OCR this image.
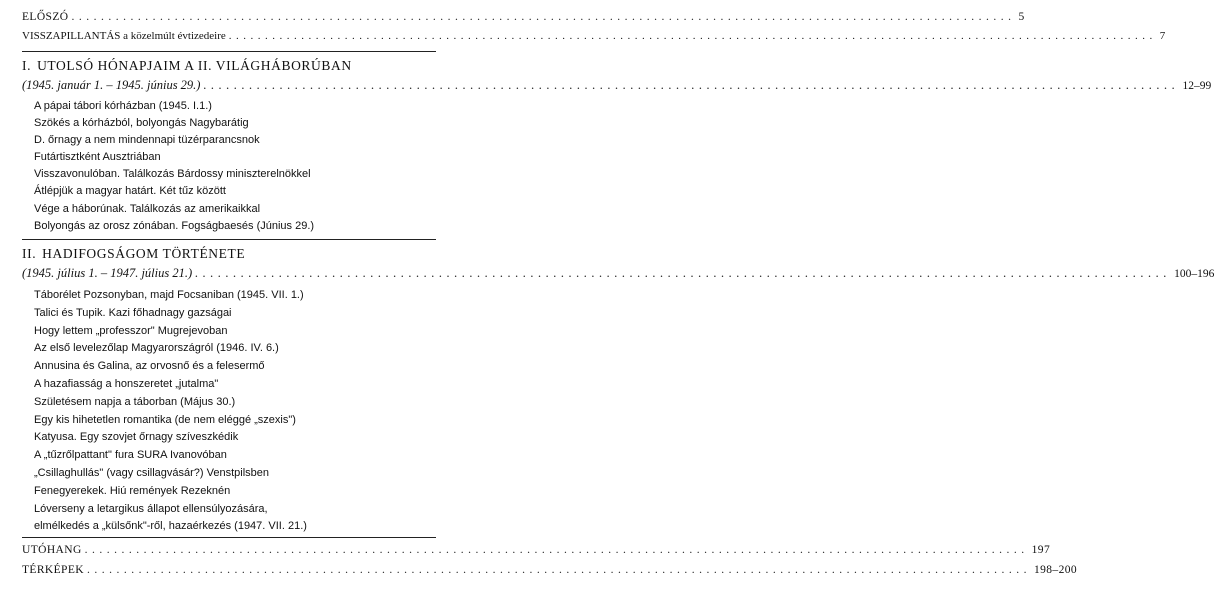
ELŐSZÓ ................................................................................................................................ 5
VISSZAPILLANTÁS a közelmúlt évtizedeire ................................................................................................................................ 7
I. UTOLSÓ HÓNAPJAIM A II. VILÁGHÁBORÚBAN
(1945. január 1. – 1945. június 29.) ................................................................................................................................ 12–99
A pápai tábori kórházban (1945. I.1.)
Szökés a kórházból, bolyongás Nagybarátig
D. őrnagy a nem mindennapi tüzérparancsnok
Futártisztként Ausztriában
Visszavonulóban. Találkozás Bárdossy miniszterelnökkel
Átlépjük a magyar határt. Két tűz között
Vége a háborúnak. Találkozás az amerikaikkal
Bolyongás az orosz zónában. Fogságbaesés (Június 29.)
II. HADIFOGSÁGOM TÖRTÉNETE
(1945. július 1. – 1947. július 21.) ................................................................................................................................ 100–196
Táborélet Pozsonyban, majd Focsaniban (1945. VII. 1.)
Talici és Tupik. Kazi főhadnagy gazságai
Hogy lettem „professzor" Mugrejevoban
Az első levelezőlap Magyarországról (1946. IV. 6.)
Annusina és Galina, az orvosnő és a felesermő
A hazafiasság a honszeretet „jutalma"
Születésem napja a táborban (Május 30.)
Egy kis hihetetlen romantika (de nem eléggé „szexis")
Katyusa. Egy szovjet őrnagy szíveszkédik
A „tűzrőlpattant" fura SURA Ivanovóban
„Csillaghullás" (vagy csillagvásár?) Venstpilsben
Fenegyerekek. Hiú remények Rezeknén
Lóverseny a letargikus állapot ellensúlyozására,
elmélkedés a „külsőnk"-ről, hazaérkezés (1947. VII. 21.)
UTÓHANG ................................................................................................................................ 197
TÉRKÉPEK ................................................................................................................................ 198–200
